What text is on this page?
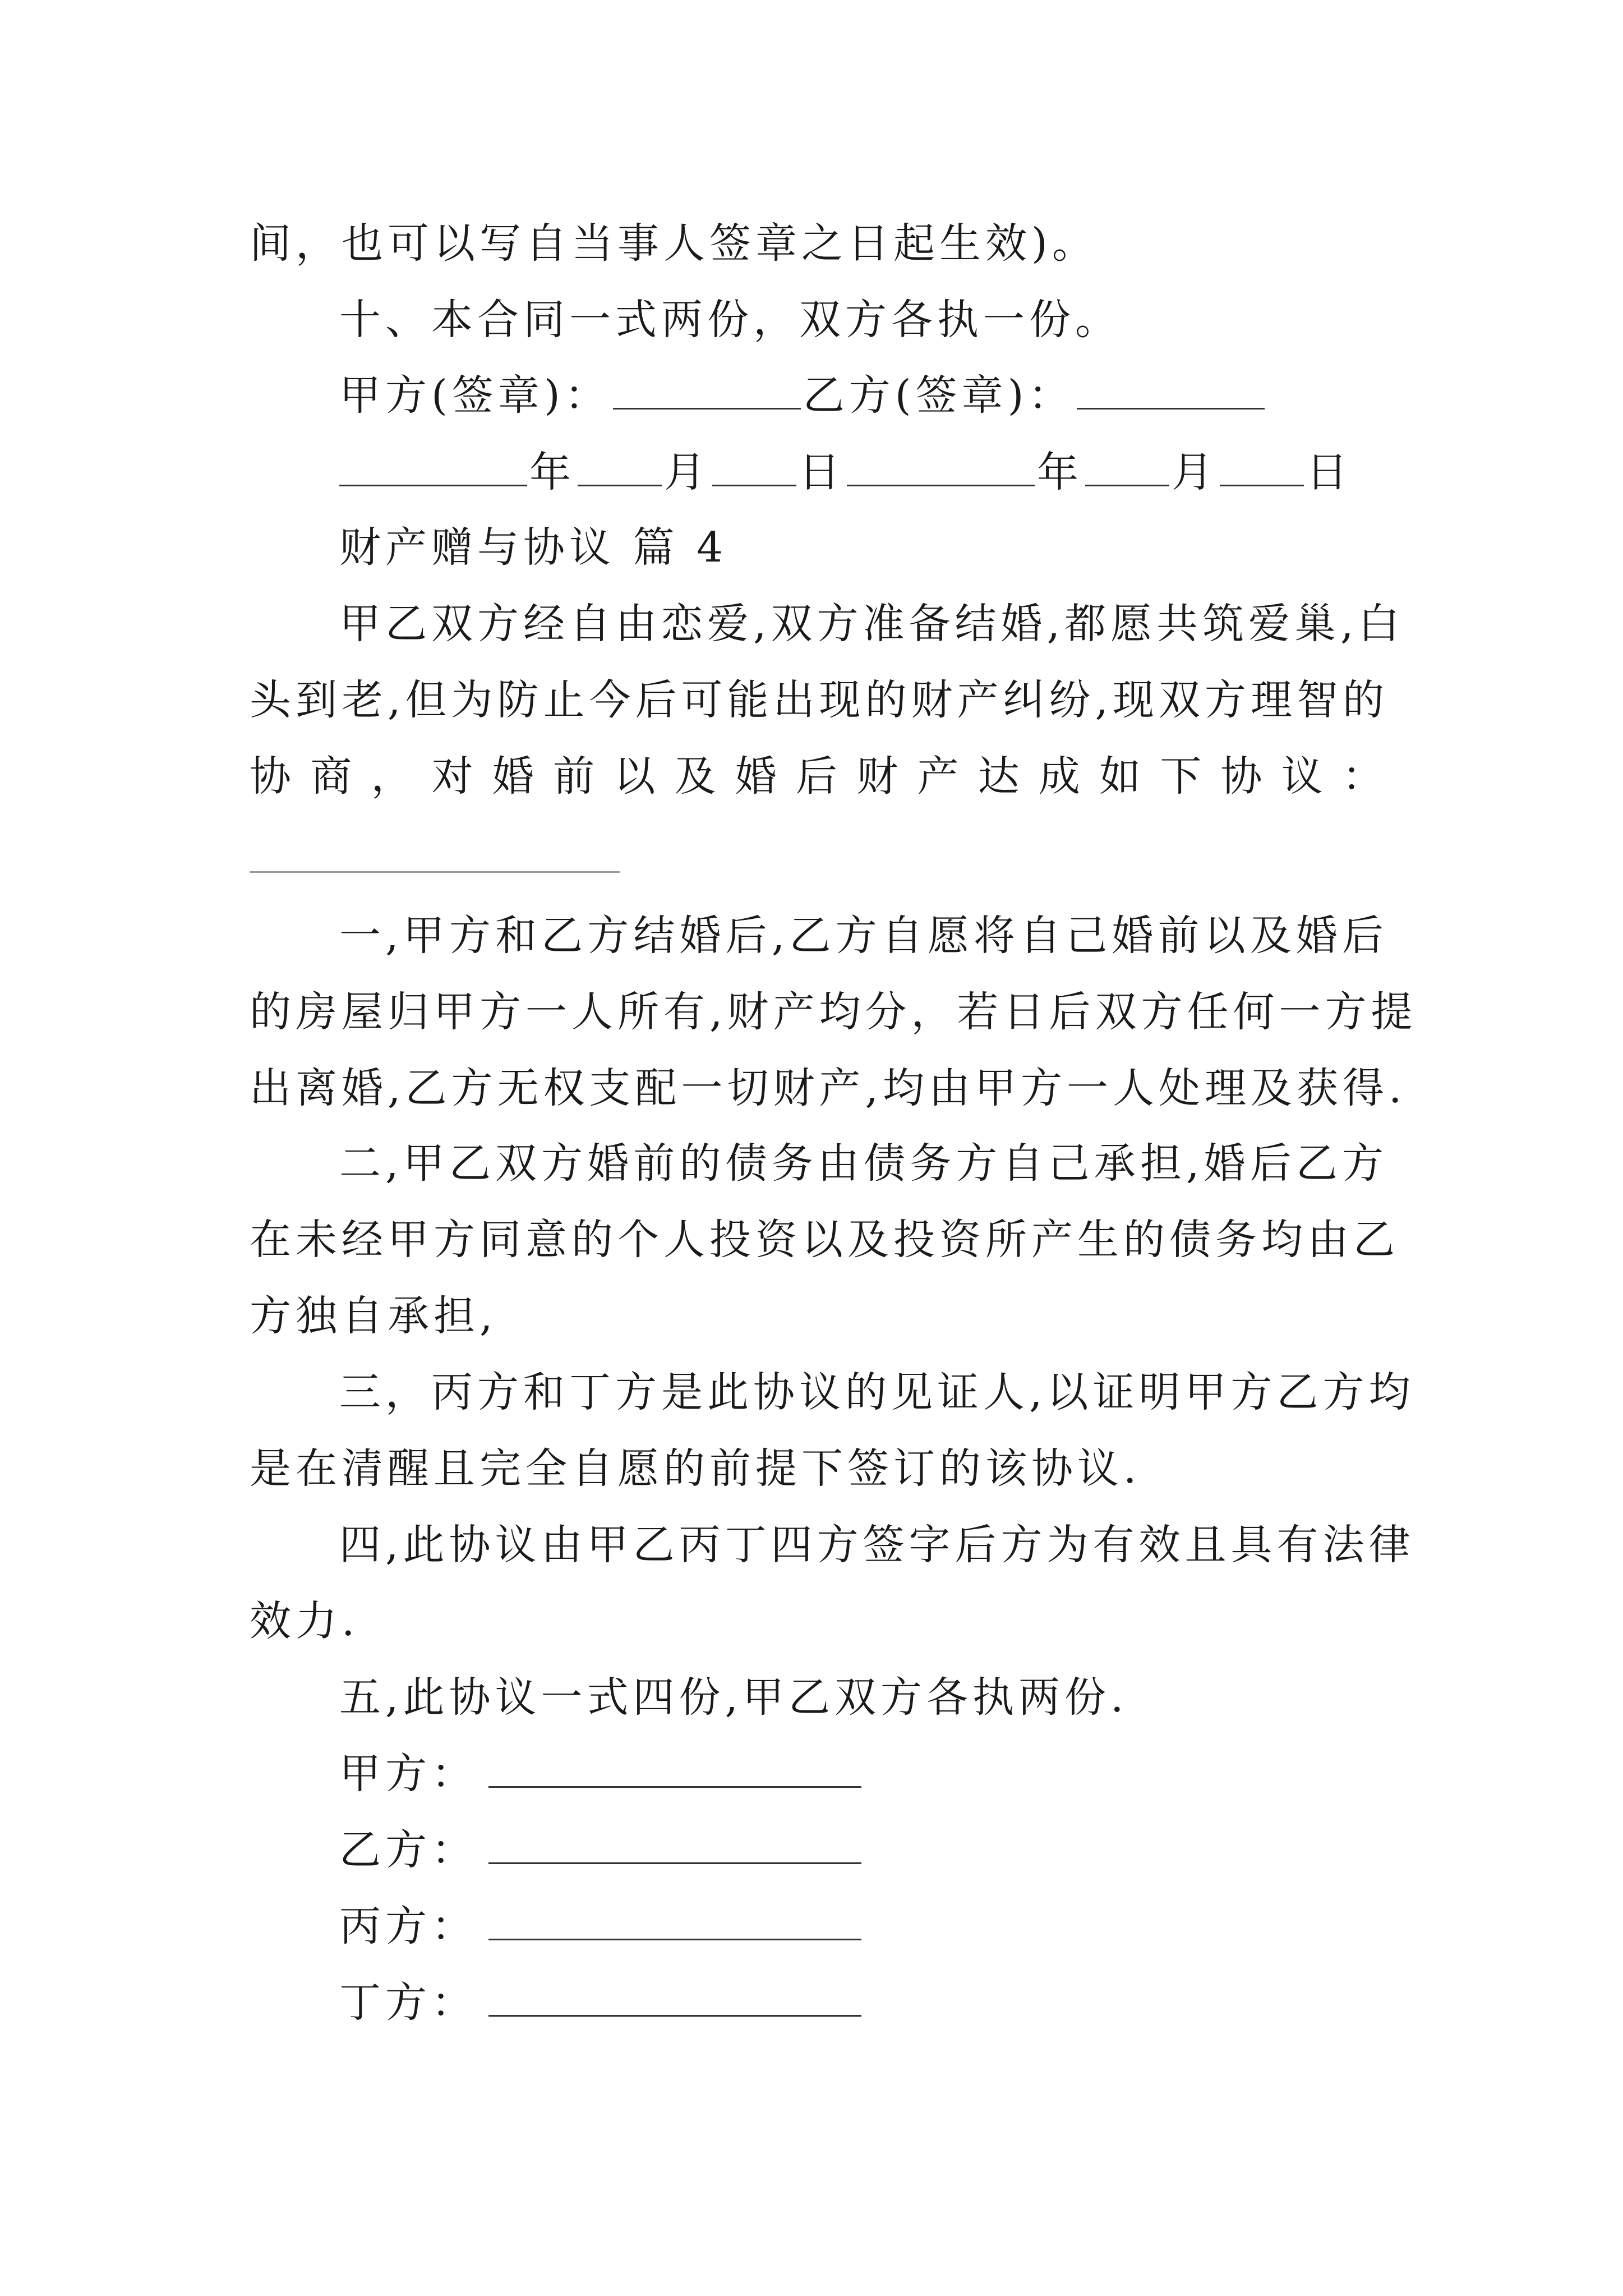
间，也可以写自当事人签章之日起生效)。
十、本合同一式两份，双方各执一份。
甲方(签章)：	乙方(签章)：
年 月 日	年 月 日
财产赠与协议 篇 4
甲乙双方经自由恋爱,双方准备结婚,都愿共筑爱巢,白
头到老,但为防止今后可能出现的财产纠纷,现双方理智的
协商，对婚前以及婚后财产达成如下协议：
一,甲方和乙方结婚后,乙方自愿将自己婚前以及婚后
的房屋归甲方一人所有,财产均分，若日后双方任何一方提
出离婚,乙方无权支配一切财产,均由甲方一人处理及获得.
二,甲乙双方婚前的债务由债务方自己承担,婚后乙方
在未经甲方同意的个人投资以及投资所产生的债务均由乙
方独自承担,
三，丙方和丁方是此协议的见证人,以证明甲方乙方均
是在清醒且完全自愿的前提下签订的该协议.
四,此协议由甲乙丙丁四方签字后方为有效且具有法律
效力.
五,此协议一式四份,甲乙双方各执两份.
甲方：
乙方：
丙方：
丁方：
